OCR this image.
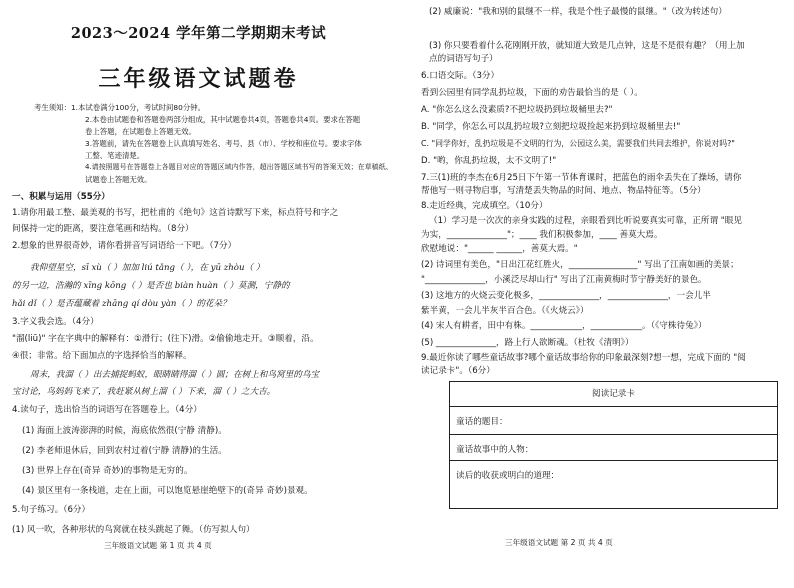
2023～2024 学年第二学期期末考试
三年级语文试题卷
考生须知：1.本试卷满分100分，考试时间80分钟。
2.本卷由试题卷和答题卷两部分组成，其中试题卷共4页，答题卷共4页。要求在答题
卷上答题，在试题卷上答题无效。
3.答题前，请先在答题卷上认真填写姓名、考号、县（市）、学校和座位号。要求字体
工整、笔迹清楚。
4.请按照题号在答题卷上各题目对应的答题区域内作答，超出答题区域书写的答案无效；在草稿纸、
试题卷上答题无效。
一、积累与运用（55分）
1.请你用最工整、最美观的书写，把杜甫的《绝句》这首诗默写下来，标点符号和字之
间保持一定的距离，要注意笔画和结构。（8分）
2.想象的世界很奇妙，请你看拼音写词语给一下吧。（7分）
我仰望星空，sī xù（ ）加加 liú tǎng（ ），在 yū zhòu（ ）
的另一边，浩瀚的 xīng kōng（ ）是否也 biàn huàn（ ）莫测，宁静的
hǎi dǐ（ ）是否蕴藏着 zhāng qí dòu yàn（ ）的花朵？
3.字义我会选。（4分）
"溜(liū)" 字在字典中的解释有：①滑行；(往下)滑。②偷偷地走开。③顺着，沿。
④很；非常。给下面加点的字选择恰当的解释。
周末，我溜（ ）出去捕捉蚂蚁，眼睛睛得溜（ ）圆；在树上和鸟窝里的乌宝
宝讨论，鸟妈妈飞来了，我赶紧从树上溜（ ）下来，溜（ ）之大吉。
4.读句子，选出恰当的词语写在答题卷上。（4分）
(1) 海面上波涛澎湃的时候，海底依然很(宁静 清静)。
(2) 李老师退休后，回到农村过着(宁静 清静)的生活。
(3) 世界上存在(奇异 奇妙)的事物是无穷的。
(4) 景区里有一条栈道，走在上面，可以饱览悬崖绝壁下的(奇异 奇妙)景观。
5.句子练习。（6分）
(1) 风一吹，各种形状的鸟窝就在枝头跳起了舞。（仿写拟人句）
三年级语文试题 第 1 页 共 4 页
(2) 威廉说："我和别的鼠继不一样，我是个性子最慢的鼠继。"（改为转述句）
(3) 你只要看着什么花刚刚开放，就知道大致是几点钟，这是不是很有趣？（用上加
点的词语写句子）
6.口语交际。（3分）
看到公园里有同学乱扔垃圾，下面的劝告最恰当的是（ ）。
A. "你怎么这么没素质?不把垃圾扔到垃圾桶里去?"
B. "同学，你怎么可以乱扔垃圾?立刻把垃圾捡起来扔到垃圾桶里去!"
C. "同学你好，乱扔垃圾是不文明的行为，公园这么美，需要我们共同去维护，你说对吗?"
D. "哟，你乱扔垃圾，太不文明了!"
7.三(1)班的李杰在6月25日下午第一节体育课时，把蓝色的雨伞丢失在了操场，请你
帮他写一则寻物启事，写清楚丢失物品的时间、地点、物品特征等。（5分）
8.走近经典，完成填空。（10分）
（1）学习是一次次的亲身实践的过程，亲眼看到比听说要真实可靠，正所谓 "眼见
为实，______________"；____ 我们积极参加，____ 善莫大焉。
欣慰地说："______ ______，善莫大焉。"
(2) 诗词里有美色，"日出江花红胜火，________________" 写出了江南如画的美景；
"______________，小溪泛尽却山行" 写出了江南黄梅时节宁静美好的景色。
(3) 这地方的火烧云变化极多，______________，______________，一会儿半
紫半黄，一会儿半灰半百合色。（《火烧云》）
(4) 宋人有耕者，田中有株。____________，____________。（《守株待兔》）
(5) ______________，路上行人欲断魂。（杜牧《清明》）
9.最近你读了哪些童话故事?哪个童话故事给你的印象最深刻?想一想，完成下面的 "阅
读记录卡"。（6分）
三年级语文试题 第 2 页 共 4 页
阅读记录卡
童话的题目：
童话故事中的人物：
读后的收获或明白的道理：
